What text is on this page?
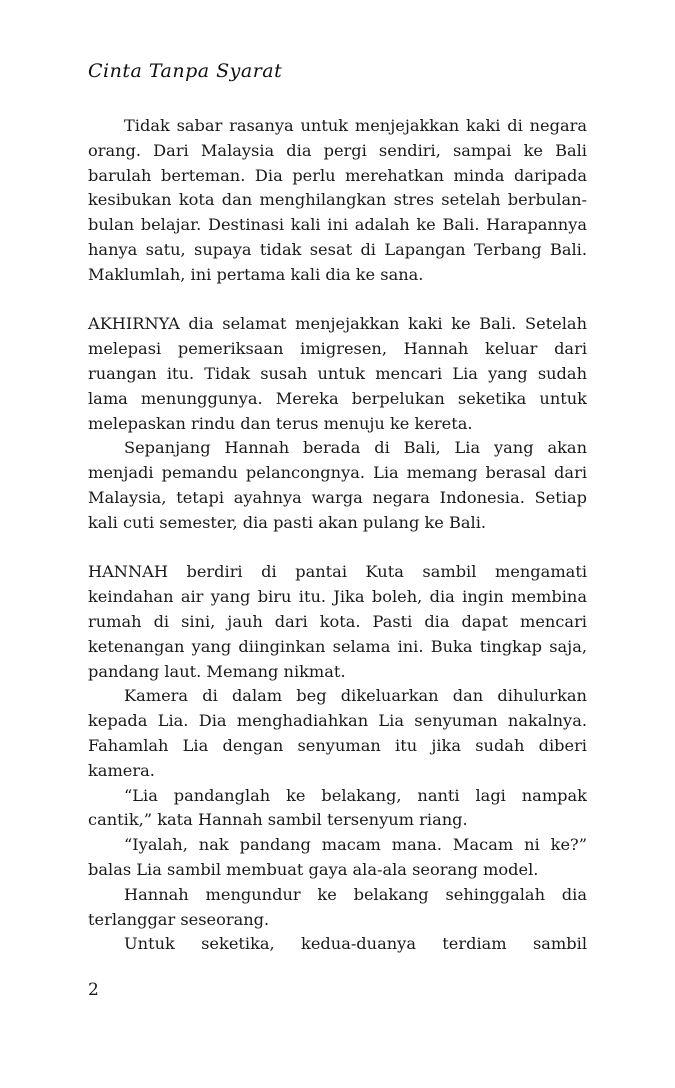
Cinta Tanpa Syarat

Tidak sabar rasanya untuk menjejakkan kaki di negara orang. Dari Malaysia dia pergi sendiri, sampai ke Bali barulah berteman. Dia perlu merehatkan minda daripada kesibukan kota dan menghilangkan stres setelah berbulan-bulan belajar. Destinasi kali ini adalah ke Bali. Harapannya hanya satu, supaya tidak sesat di Lapangan Terbang Bali. Maklumlah, ini pertama kali dia ke sana.

AKHIRNYA dia selamat menjejakkan kaki ke Bali. Setelah melepasi pemeriksaan imigresen, Hannah keluar dari ruangan itu. Tidak susah untuk mencari Lia yang sudah lama menunggunya. Mereka berpelukan seketika untuk melepaskan rindu dan terus menuju ke kereta.

Sepanjang Hannah berada di Bali, Lia yang akan menjadi pemandu pelancongnya. Lia memang berasal dari Malaysia, tetapi ayahnya warga negara Indonesia. Setiap kali cuti semester, dia pasti akan pulang ke Bali.

HANNAH berdiri di pantai Kuta sambil mengamati keindahan air yang biru itu. Jika boleh, dia ingin membina rumah di sini, jauh dari kota. Pasti dia dapat mencari ketenangan yang diinginkan selama ini. Buka tingkap saja, pandang laut. Memang nikmat.

Kamera di dalam beg dikeluarkan dan dihulurkan kepada Lia. Dia menghadiahkan Lia senyuman nakalnya. Fahamlah Lia dengan senyuman itu jika sudah diberi kamera.

“Lia pandanglah ke belakang, nanti lagi nampak cantik,” kata Hannah sambil tersenyum riang.

“Iyalah, nak pandang macam mana. Macam ni ke?” balas Lia sambil membuat gaya ala-ala seorang model.

Hannah mengundur ke belakang sehinggalah dia terlanggar seseorang.

Untuk seketika, kedua-duanya terdiam sambil

2
